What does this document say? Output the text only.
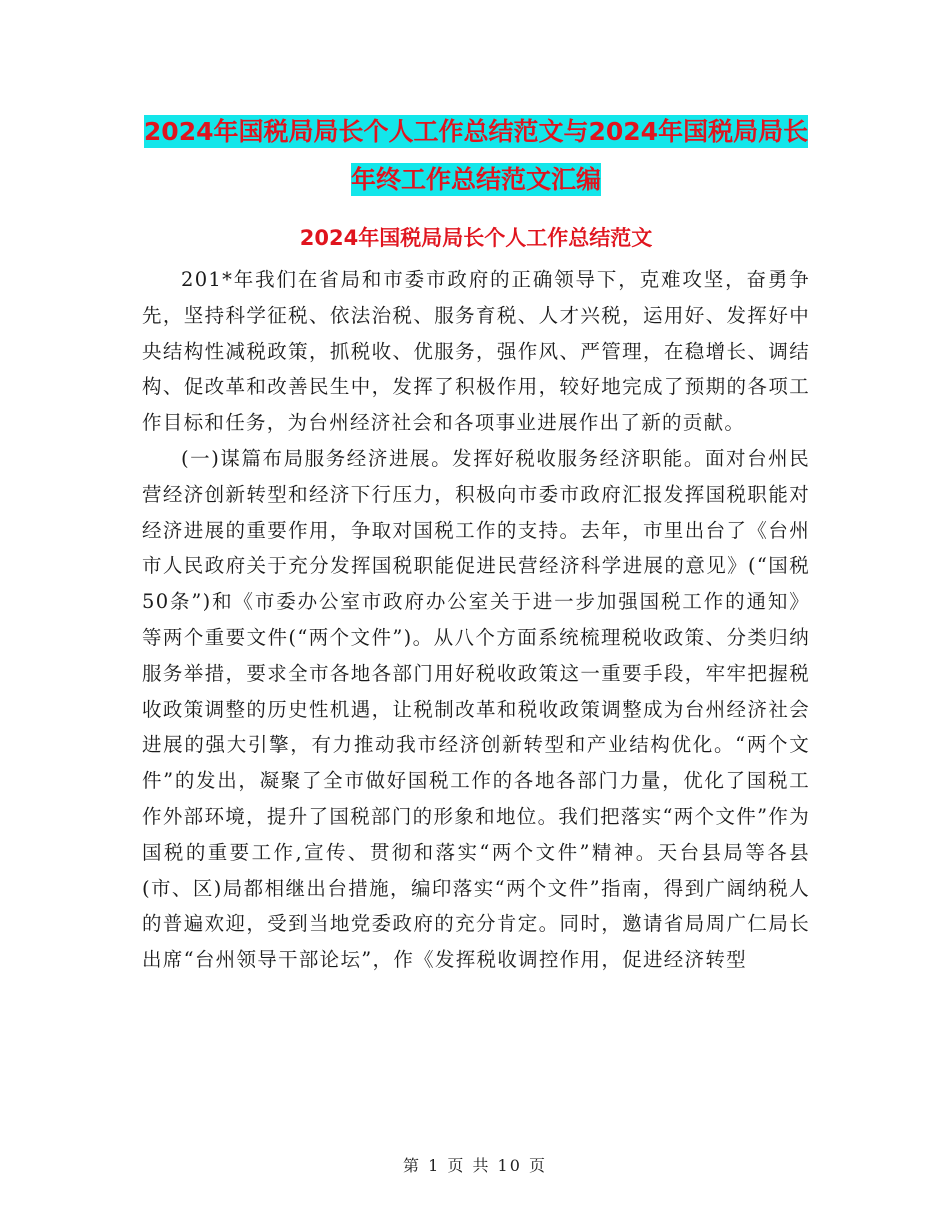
2024年国税局局长个人工作总结范文与2024年国税局局长年终工作总结范文汇编
2024年国税局局长个人工作总结范文

201*年我们在省局和市委市政府的正确领导下，克难攻坚，奋勇争先，坚持科学征税、依法治税、服务育税、人才兴税，运用好、发挥好中央结构性减税政策，抓税收、优服务，强作风、严管理，在稳增长、调结构、促改革和改善民生中，发挥了积极作用，较好地完成了预期的各项工作目标和任务，为台州经济社会和各项事业进展作出了新的贡献。

(一)谋篇布局服务经济进展。发挥好税收服务经济职能。面对台州民营经济创新转型和经济下行压力，积极向市委市政府汇报发挥国税职能对经济进展的重要作用，争取对国税工作的支持。去年，市里出台了《台州市人民政府关于充分发挥国税职能促进民营经济科学进展的意见》(“国税50条”)和《市委办公室市政府办公室关于进一步加强国税工作的通知》等两个重要文件(“两个文件”)。从八个方面系统梳理税收政策、分类归纳服务举措，要求全市各地各部门用好税收政策这一重要手段，牢牢把握税收政策调整的历史性机遇，让税制改革和税收政策调整成为台州经济社会进展的强大引擎，有力推动我市经济创新转型和产业结构优化。“两个文件”的发出，凝聚了全市做好国税工作的各地各部门力量，优化了国税工作外部环境，提升了国税部门的形象和地位。我们把落实“两个文件”作为国税的重要工作,宣传、贯彻和落实“两个文件”精神。天台县局等各县(市、区)局都相继出台措施，编印落实“两个文件”指南，得到广阔纳税人的普遍欢迎，受到当地党委政府的充分肯定。同时，邀请省局周广仁局长出席“台州领导干部论坛”，作《发挥税收调控作用，促进经济转型

第 1 页 共 10 页
